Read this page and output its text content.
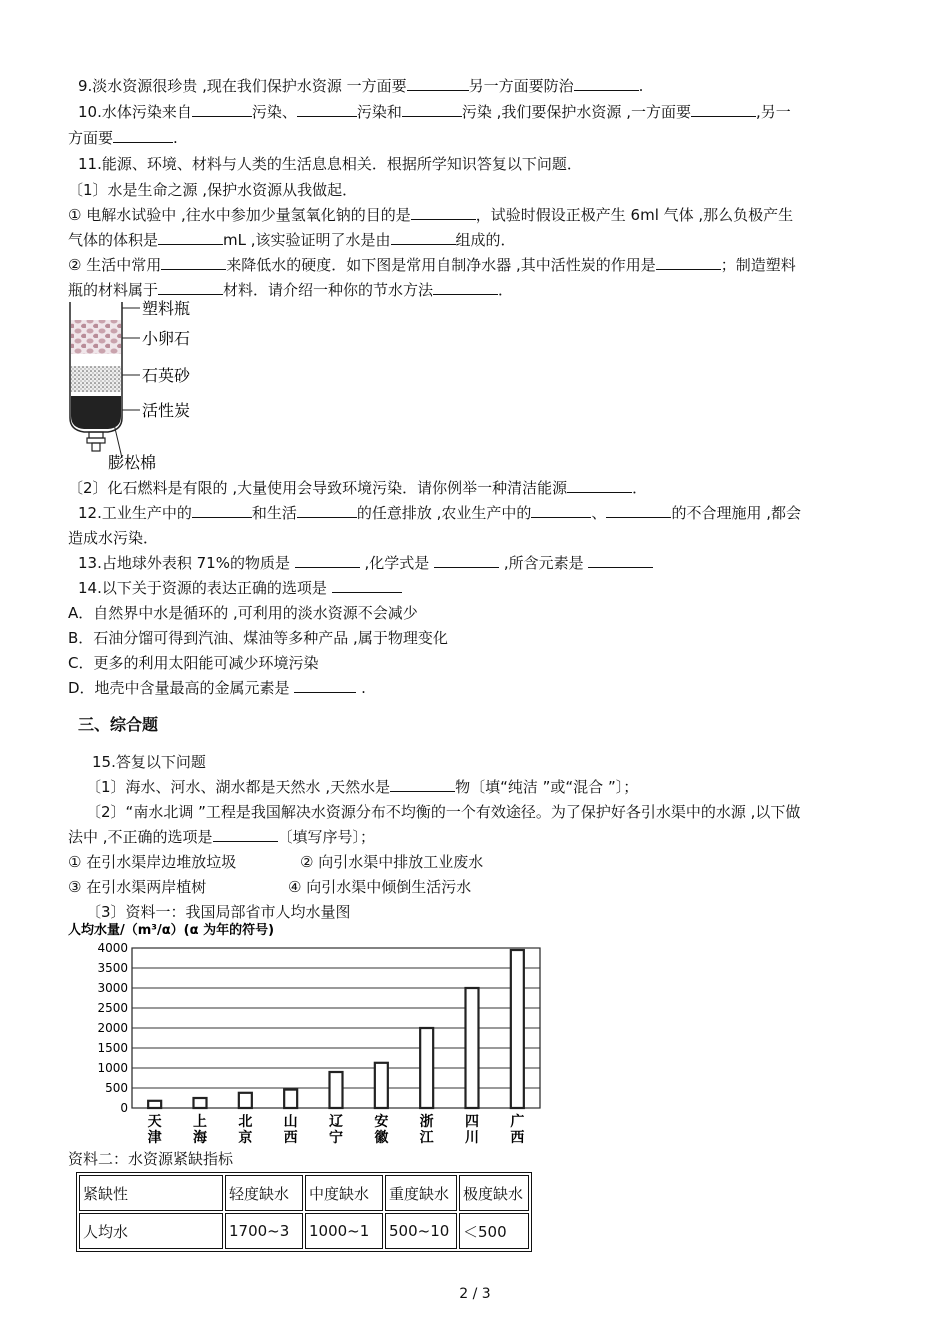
9.淡水资源很珍贵 ,现在我们保护水资源 一方面要	另一方面要防治	.
10.水体污染来自	污染、	污染和	污染 ,我们要保护水资源 ,一方面要	,另一
方面要	.
11.能源、环境、材料与人类的生活息息相关．根据所学知识答复以下问题．
〔1〕水是生命之源 ,保护水资源从我做起．
① 电解水试验中 ,往水中参加少量氢氧化钠的目的是	，试验时假设正极产生 6ml 气体 ,那么负极产生
气体的体积是	mL ,该实验证明了水是由	组成的．
② 生活中常用	来降低水的硬度．如下图是常用自制净水器 ,其中活性炭的作用是	；制造塑料
瓶的材料属于	材料．请介绍一种你的节水方法	．
塑料瓶
小卵石
石英砂
活性炭
膨松棉
〔2〕化石燃料是有限的 ,大量使用会导致环境污染．请你例举一种清洁能源	．
12.工业生产中的	和生活	的任意排放 ,农业生产中的	、	的不合理施用 ,都会
造成水污染．
13.占地球外表积 71%的物质是	,化学式是	,所含元素是
14.以下关于资源的表达正确的选项是
A．自然界中水是循环的 ,可利用的淡水资源不会减少
B．石油分馏可得到汽油、煤油等多种产品 ,属于物理变化
C．更多的利用太阳能可减少环境污染
D．地壳中含量最高的金属元素是	.
三、综合题
15.答复以下问题
〔1〕海水、河水、湖水都是天然水 ,天然水是	物〔填“纯洁 ”或“混合 ”〕；
〔2〕“南水北调 ”工程是我国解决水资源分布不均衡的一个有效途径。为了保护好各引水渠中的水源 ,以下做
法中 ,不正确的选项是	〔填写序号〕；
① 在引水渠岸边堆放垃圾	② 向引水渠中排放工业废水
③ 在引水渠两岸植树	④ 向引水渠中倾倒生活污水
〔3〕资料一：我国局部省市人均水量图
人均水量/（m³/α）(α 为年的符号)
0
500
1000
1500
2000
2500
3000
3500
4000
天
津
上
海
北
京
山
西
辽
宁
安
徽
浙
江
四
川
广
西
资料二：水资源紧缺指标
紧缺性	轻度缺水	中度缺水	重度缺水	极度缺水
人均水	1700~3	1000~1	500~10	＜500
2 / 3
